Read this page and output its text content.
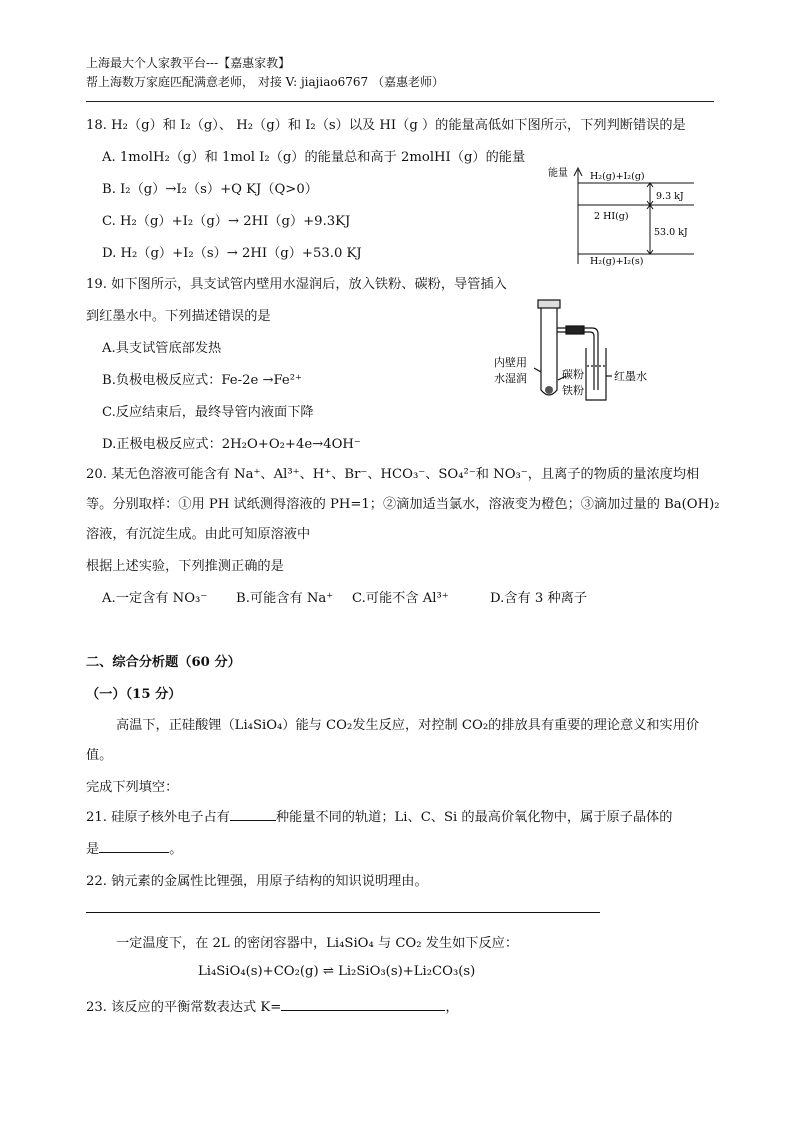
上海最大个人家教平台---【嘉惠家教】
帮上海数万家庭匹配满意老师， 对接 V: jiajiao6767 （嘉惠老师）
18. H₂（g）和 I₂（g）、 H₂（g）和 I₂（s）以及 HI（g ）的能量高低如下图所示，下列判断错误的是
A. 1molH₂（g）和 1mol I₂（g）的能量总和高于 2molHI（g）的能量
B. I₂（g）→I₂（s）+Q KJ（Q>0）
C. H₂（g）+I₂（g）→ 2HI（g）+9.3KJ
D. H₂（g）+I₂（s）→ 2HI（g）+53.0 KJ
能量 H₂(g)+I₂(g)
2 HI(g)
H₂(g)+I₂(s)
9.3 kJ
53.0 kJ
19. 如下图所示，具支试管内壁用水湿润后，放入铁粉、碳粉，导管插入
到红墨水中。下列描述错误的是
A.具支试管底部发热
B.负极电极反应式：Fe-2e →Fe²⁺
C.反应结束后，最终导管内液面下降
D.正极电极反应式：2H₂O+O₂+4e→4OH⁻
内壁用
水湿润	碳粉
铁粉
红墨水
20. 某无色溶液可能含有 Na⁺、Al³⁺、H⁺、Br⁻、HCO₃⁻、SO₄²⁻和 NO₃⁻，且离子的物质的量浓度均相
等。分别取样：①用 PH 试纸测得溶液的 PH=1；②滴加适当氯水，溶液变为橙色；③滴加过量的 Ba(OH)₂
溶液，有沉淀生成。由此可知原溶液中
根据上述实验，下列推测正确的是
A.一定含有 NO₃⁻ B.可能含有 Na⁺ C.可能不含 Al³⁺	D.含有 3 种离子
二、综合分析题（60 分）
（一）（15 分）
高温下，正硅酸锂（Li₄SiO₄）能与 CO₂发生反应，对控制 CO₂的排放具有重要的理论意义和实用价
值。
完成下列填空：
21. 硅原子核外电子占有	种能量不同的轨道；Li、C、Si 的最高价氧化物中，属于原子晶体的
是	。
22. 钠元素的金属性比锂强，用原子结构的知识说明理由。
一定温度下，在 2L 的密闭容器中，Li₄SiO₄ 与 CO₂ 发生如下反应：
Li₄SiO₄(s)+CO₂(g) ⇌ Li₂SiO₃(s)+Li₂CO₃(s)
23. 该反应的平衡常数表达式 K=	，
